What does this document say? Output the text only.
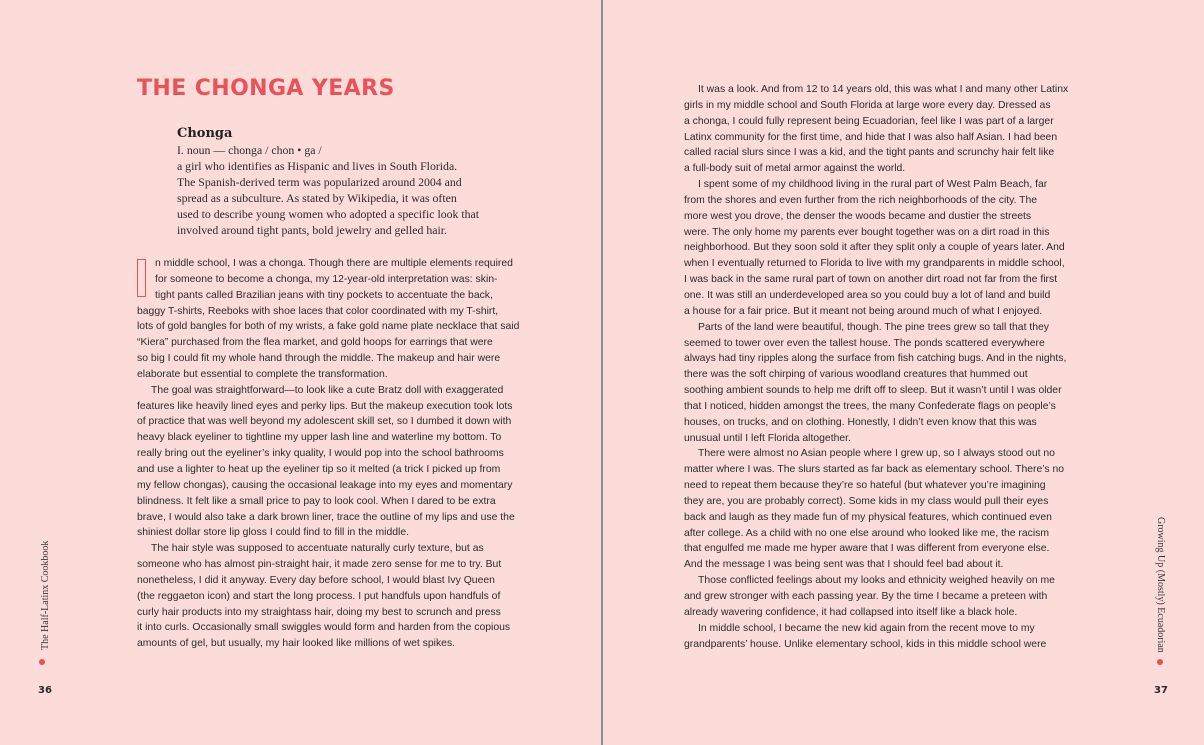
THE CHONGA YEARS
Chonga
I. noun — chonga / chon • ga /
a girl who identifies as Hispanic and lives in South Florida.
The Spanish-derived term was popularized around 2004 and
spread as a subculture. As stated by Wikipedia, it was often
used to describe young women who adopted a specific look that
involved around tight pants, bold jewelry and gelled hair.
n middle school, I was a chonga. Though there are multiple elements required
for someone to become a chonga, my 12-year-old interpretation was: skin-
tight pants called Brazilian jeans with tiny pockets to accentuate the back,
baggy T-shirts, Reeboks with shoe laces that color coordinated with my T-shirt,
lots of gold bangles for both of my wrists, a fake gold name plate necklace that said
“Kiera” purchased from the flea market, and gold hoops for earrings that were
so big I could fit my whole hand through the middle. The makeup and hair were
elaborate but essential to complete the transformation.
The goal was straightforward—to look like a cute Bratz doll with exaggerated
features like heavily lined eyes and perky lips. But the makeup execution took lots
of practice that was well beyond my adolescent skill set, so I dumbed it down with
heavy black eyeliner to tightline my upper lash line and waterline my bottom. To
really bring out the eyeliner’s inky quality, I would pop into the school bathrooms
and use a lighter to heat up the eyeliner tip so it melted (a trick I picked up from
my fellow chongas), causing the occasional leakage into my eyes and momentary
blindness. It felt like a small price to pay to look cool. When I dared to be extra
brave, I would also take a dark brown liner, trace the outline of my lips and use the
shiniest dollar store lip gloss I could find to fill in the middle.
The hair style was supposed to accentuate naturally curly texture, but as
someone who has almost pin-straight hair, it made zero sense for me to try. But
nonetheless, I did it anyway. Every day before school, I would blast Ivy Queen
(the reggaeton icon) and start the long process. I put handfuls upon handfuls of
curly hair products into my straightass hair, doing my best to scrunch and press
it into curls. Occasionally small swiggles would form and harden from the copious
amounts of gel, but usually, my hair looked like millions of wet spikes.
The Half-Latinx Cookbook
36
It was a look. And from 12 to 14 years old, this was what I and many other Latinx
girls in my middle school and South Florida at large wore every day. Dressed as
a chonga, I could fully represent being Ecuadorian, feel like I was part of a larger
Latinx community for the first time, and hide that I was also half Asian. I had been
called racial slurs since I was a kid, and the tight pants and scrunchy hair felt like
a full-body suit of metal armor against the world.
I spent some of my childhood living in the rural part of West Palm Beach, far
from the shores and even further from the rich neighborhoods of the city. The
more west you drove, the denser the woods became and dustier the streets
were. The only home my parents ever bought together was on a dirt road in this
neighborhood. But they soon sold it after they split only a couple of years later. And
when I eventually returned to Florida to live with my grandparents in middle school,
I was back in the same rural part of town on another dirt road not far from the first
one. It was still an underdeveloped area so you could buy a lot of land and build
a house for a fair price. But it meant not being around much of what I enjoyed.
Parts of the land were beautiful, though. The pine trees grew so tall that they
seemed to tower over even the tallest house. The ponds scattered everywhere
always had tiny ripples along the surface from fish catching bugs. And in the nights,
there was the soft chirping of various woodland creatures that hummed out
soothing ambient sounds to help me drift off to sleep. But it wasn’t until I was older
that I noticed, hidden amongst the trees, the many Confederate flags on people’s
houses, on trucks, and on clothing. Honestly, I didn’t even know that this was
unusual until I left Florida altogether.
There were almost no Asian people where I grew up, so I always stood out no
matter where I was. The slurs started as far back as elementary school. There’s no
need to repeat them because they’re so hateful (but whatever you’re imagining
they are, you are probably correct). Some kids in my class would pull their eyes
back and laugh as they made fun of my physical features, which continued even
after college. As a child with no one else around who looked like me, the racism
that engulfed me made me hyper aware that I was different from everyone else.
And the message I was being sent was that I should feel bad about it.
Those conflicted feelings about my looks and ethnicity weighed heavily on me
and grew stronger with each passing year. By the time I became a preteen with
already wavering confidence, it had collapsed into itself like a black hole.
In middle school, I became the new kid again from the recent move to my
grandparents’ house. Unlike elementary school, kids in this middle school were	Growing Up (Mostly) Ecuadorian
37
